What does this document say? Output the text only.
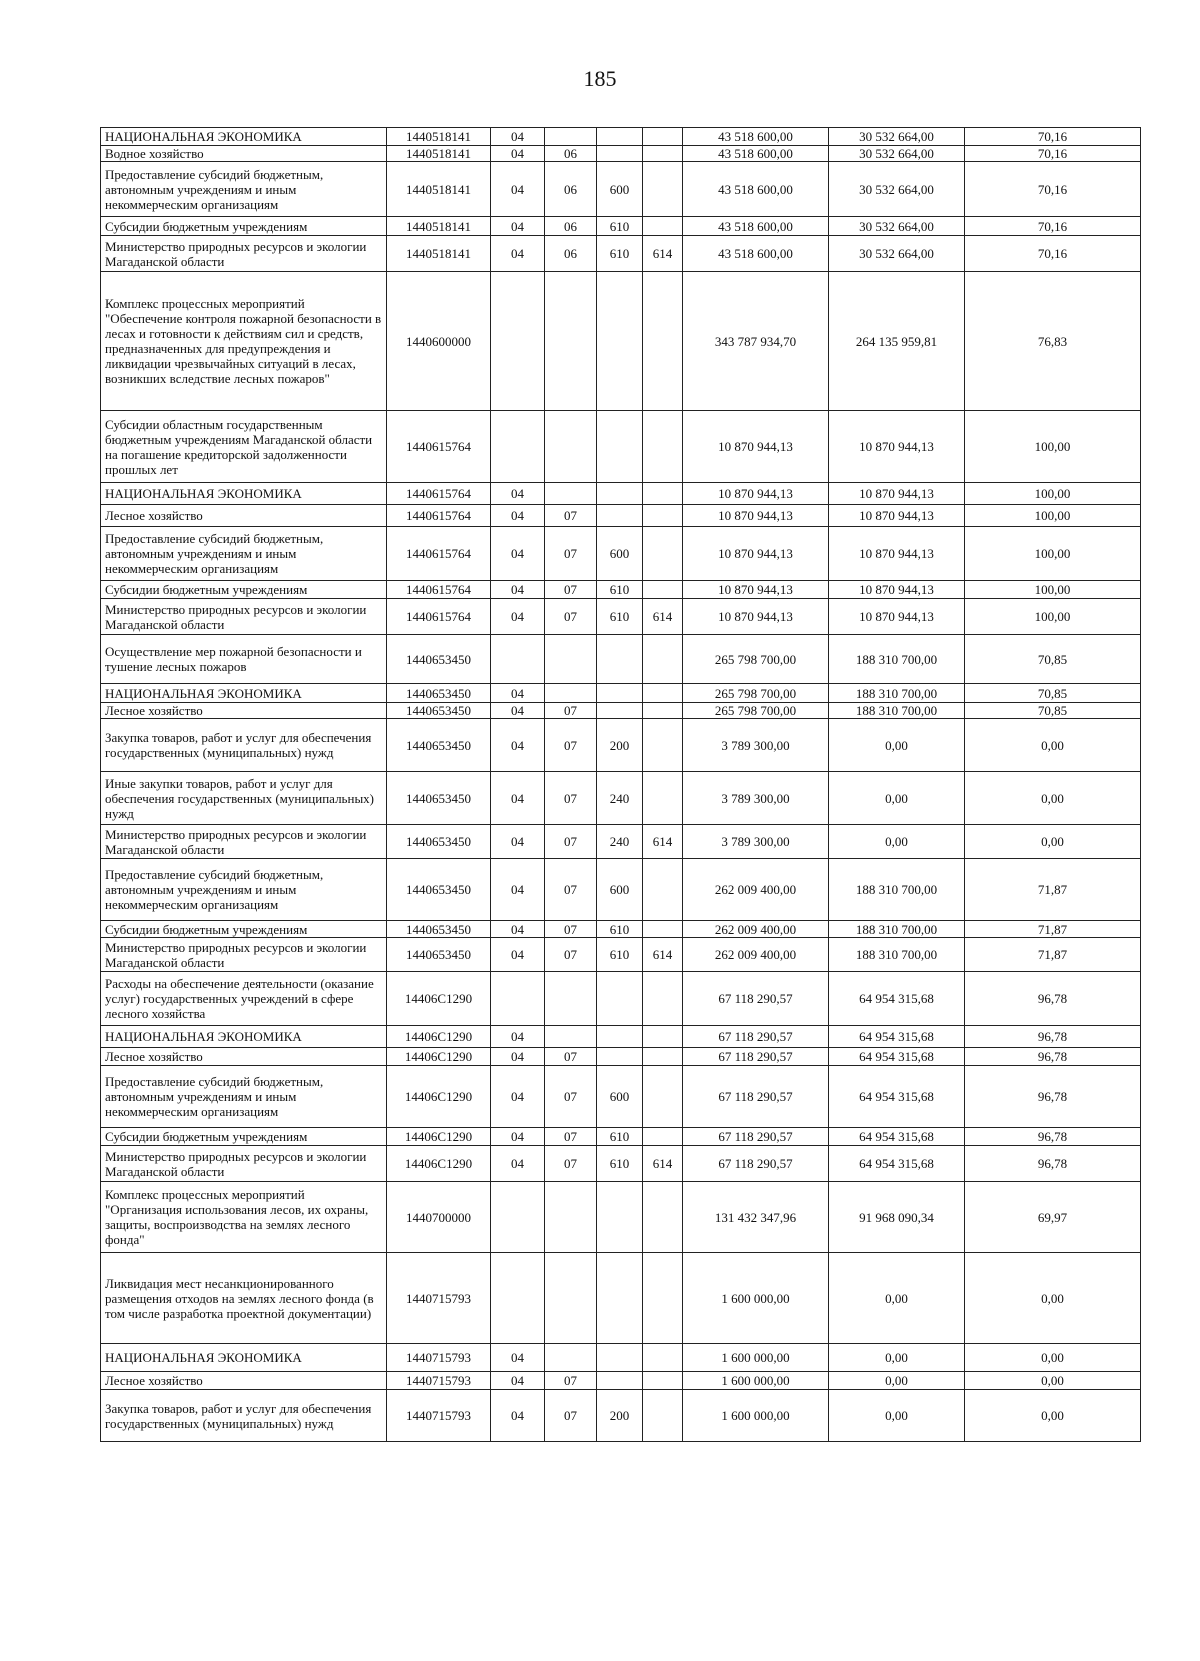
185
НАЦИОНАЛЬНАЯ ЭКОНОМИКА	1440518141	04				43 518 600,00	30 532 664,00	70,16
Водное хозяйство	1440518141	04	06			43 518 600,00	30 532 664,00	70,16
Предоставление субсидий бюджетным, автономным учреждениям и иным некоммерческим организациям	1440518141	04	06	600		43 518 600,00	30 532 664,00	70,16
Субсидии бюджетным учреждениям	1440518141	04	06	610		43 518 600,00	30 532 664,00	70,16
Министерство природных ресурсов и экологии Магаданской области	1440518141	04	06	610	614	43 518 600,00	30 532 664,00	70,16
Комплекс процессных мероприятий "Обеспечение контроля пожарной безопасности в лесах и готовности к действиям сил и средств, предназначенных для предупреждения и ликвидации чрезвычайных ситуаций в лесах, возникших вследствие лесных пожаров"	1440600000					343 787 934,70	264 135 959,81	76,83
Субсидии областным государственным бюджетным учреждениям Магаданской области на погашение кредиторской задолженности прошлых лет	1440615764					10 870 944,13	10 870 944,13	100,00
НАЦИОНАЛЬНАЯ ЭКОНОМИКА	1440615764	04				10 870 944,13	10 870 944,13	100,00
Лесное хозяйство	1440615764	04	07			10 870 944,13	10 870 944,13	100,00
Предоставление субсидий бюджетным, автономным учреждениям и иным некоммерческим организациям	1440615764	04	07	600		10 870 944,13	10 870 944,13	100,00
Субсидии бюджетным учреждениям	1440615764	04	07	610		10 870 944,13	10 870 944,13	100,00
Министерство природных ресурсов и экологии Магаданской области	1440615764	04	07	610	614	10 870 944,13	10 870 944,13	100,00
Осуществление мер пожарной безопасности и тушение лесных пожаров	1440653450					265 798 700,00	188 310 700,00	70,85
НАЦИОНАЛЬНАЯ ЭКОНОМИКА	1440653450	04				265 798 700,00	188 310 700,00	70,85
Лесное хозяйство	1440653450	04	07			265 798 700,00	188 310 700,00	70,85
Закупка товаров, работ и услуг для обеспечения государственных (муниципальных) нужд	1440653450	04	07	200		3 789 300,00	0,00	0,00
Иные закупки товаров, работ и услуг для обеспечения государственных (муниципальных) нужд	1440653450	04	07	240		3 789 300,00	0,00	0,00
Министерство природных ресурсов и экологии Магаданской области	1440653450	04	07	240	614	3 789 300,00	0,00	0,00
Предоставление субсидий бюджетным, автономным учреждениям и иным некоммерческим организациям	1440653450	04	07	600		262 009 400,00	188 310 700,00	71,87
Субсидии бюджетным учреждениям	1440653450	04	07	610		262 009 400,00	188 310 700,00	71,87
Министерство природных ресурсов и экологии Магаданской области	1440653450	04	07	610	614	262 009 400,00	188 310 700,00	71,87
Расходы на обеспечение деятельности (оказание услуг) государственных учреждений в сфере лесного хозяйства	14406С1290					67 118 290,57	64 954 315,68	96,78
НАЦИОНАЛЬНАЯ ЭКОНОМИКА	14406С1290	04				67 118 290,57	64 954 315,68	96,78
Лесное хозяйство	14406С1290	04	07			67 118 290,57	64 954 315,68	96,78
Предоставление субсидий бюджетным, автономным учреждениям и иным некоммерческим организациям	14406С1290	04	07	600		67 118 290,57	64 954 315,68	96,78
Субсидии бюджетным учреждениям	14406С1290	04	07	610		67 118 290,57	64 954 315,68	96,78
Министерство природных ресурсов и экологии Магаданской области	14406С1290	04	07	610	614	67 118 290,57	64 954 315,68	96,78
Комплекс процессных мероприятий "Организация использования лесов, их охраны, защиты, воспроизводства на землях лесного фонда"	1440700000					131 432 347,96	91 968 090,34	69,97
Ликвидация мест несанкционированного размещения отходов на землях лесного фонда (в том числе разработка проектной документации)	1440715793					1 600 000,00	0,00	0,00
НАЦИОНАЛЬНАЯ ЭКОНОМИКА	1440715793	04				1 600 000,00	0,00	0,00
Лесное хозяйство	1440715793	04	07			1 600 000,00	0,00	0,00
Закупка товаров, работ и услуг для обеспечения государственных (муниципальных) нужд	1440715793	04	07	200		1 600 000,00	0,00	0,00
